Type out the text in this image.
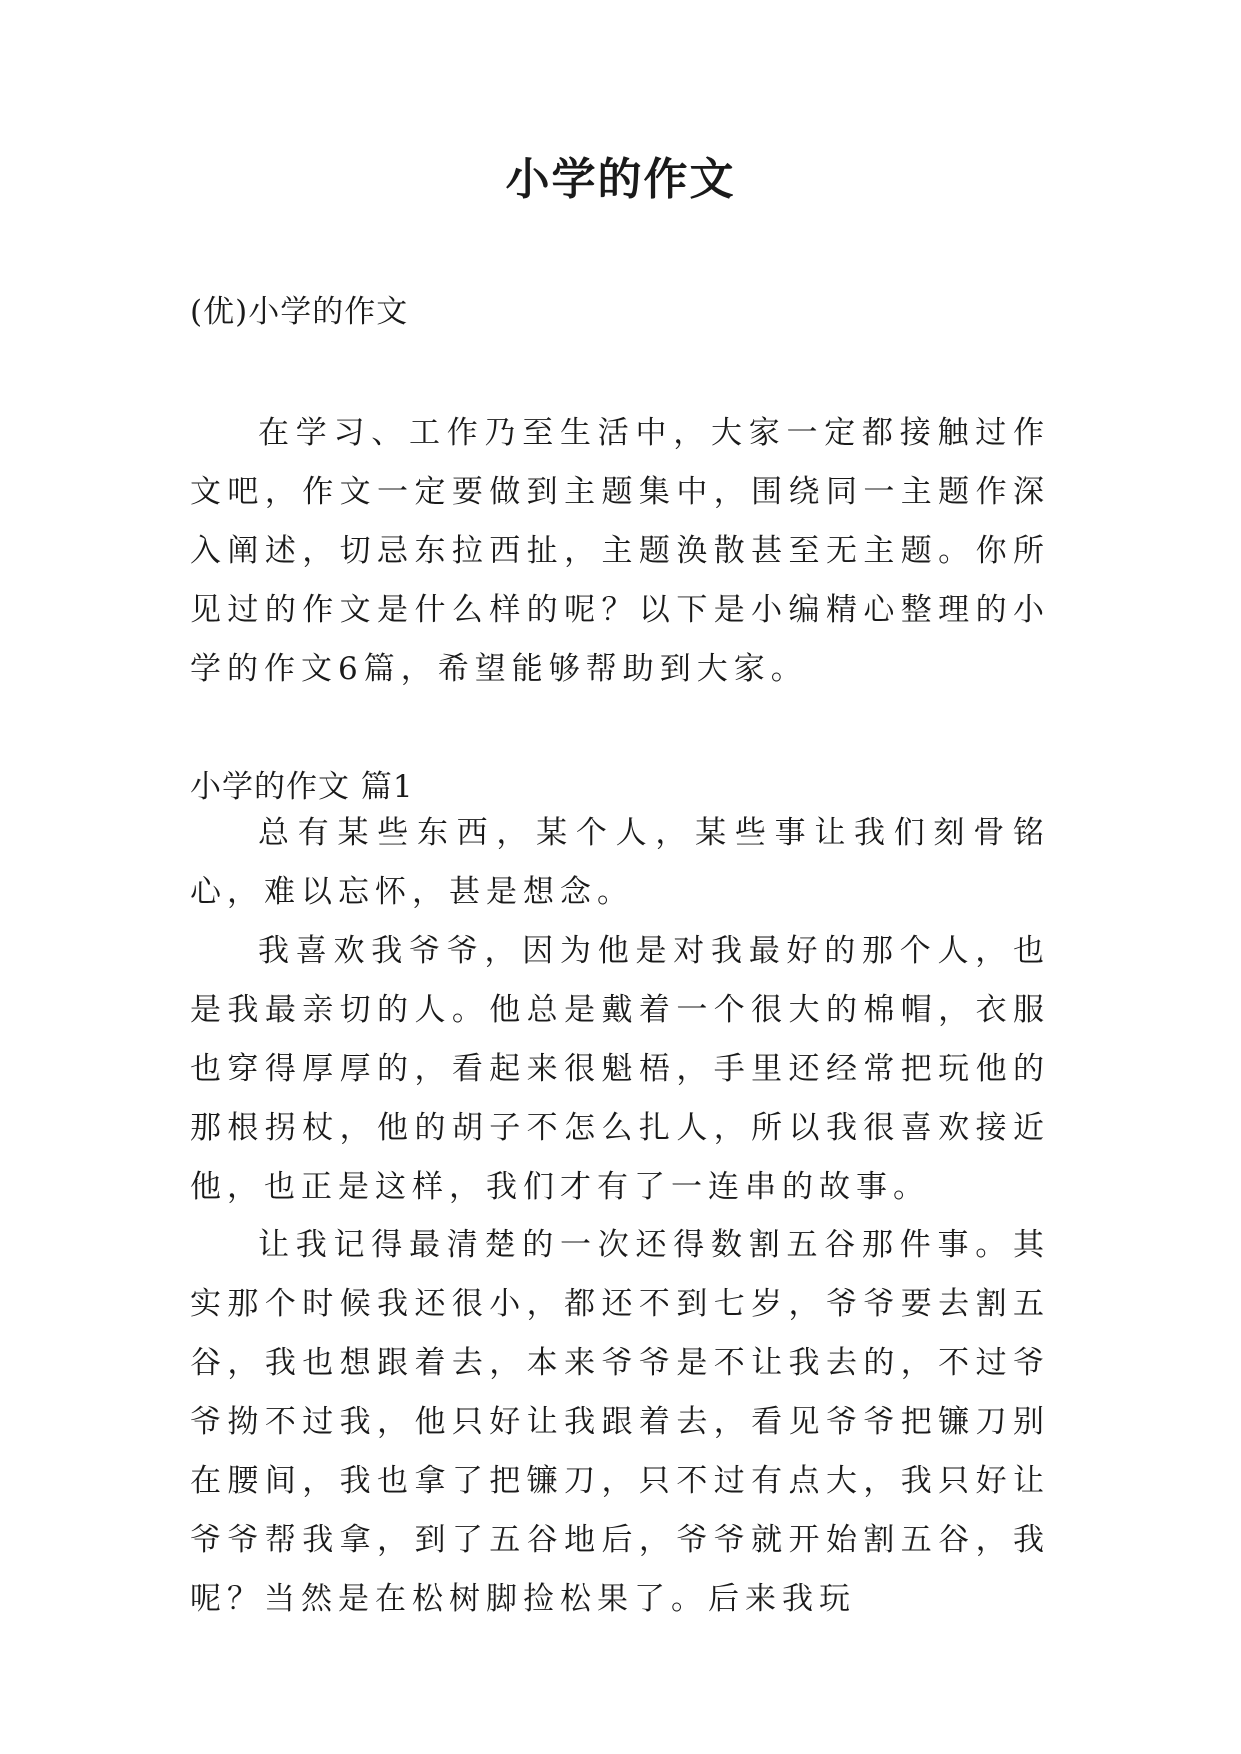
小学的作文
(优)小学的作文

在学习、工作乃至生活中，大家一定都接触过作文吧，作文一定要做到主题集中，围绕同一主题作深入阐述，切忌东拉西扯，主题涣散甚至无主题。你所见过的作文是什么样的呢？以下是小编精心整理的小学的作文6篇，希望能够帮助到大家。

小学的作文 篇1

总有某些东西，某个人，某些事让我们刻骨铭心，难以忘怀，甚是想念。

我喜欢我爷爷，因为他是对我最好的那个人，也是我最亲切的人。他总是戴着一个很大的棉帽，衣服也穿得厚厚的，看起来很魁梧，手里还经常把玩他的那根拐杖，他的胡子不怎么扎人，所以我很喜欢接近他，也正是这样，我们才有了一连串的故事。

让我记得最清楚的一次还得数割五谷那件事。其实那个时候我还很小，都还不到七岁，爷爷要去割五谷，我也想跟着去，本来爷爷是不让我去的，不过爷爷拗不过我，他只好让我跟着去，看见爷爷把镰刀别在腰间，我也拿了把镰刀，只不过有点大，我只好让爷爷帮我拿，到了五谷地后，爷爷就开始割五谷，我呢？当然是在松树脚捡松果了。后来我玩
